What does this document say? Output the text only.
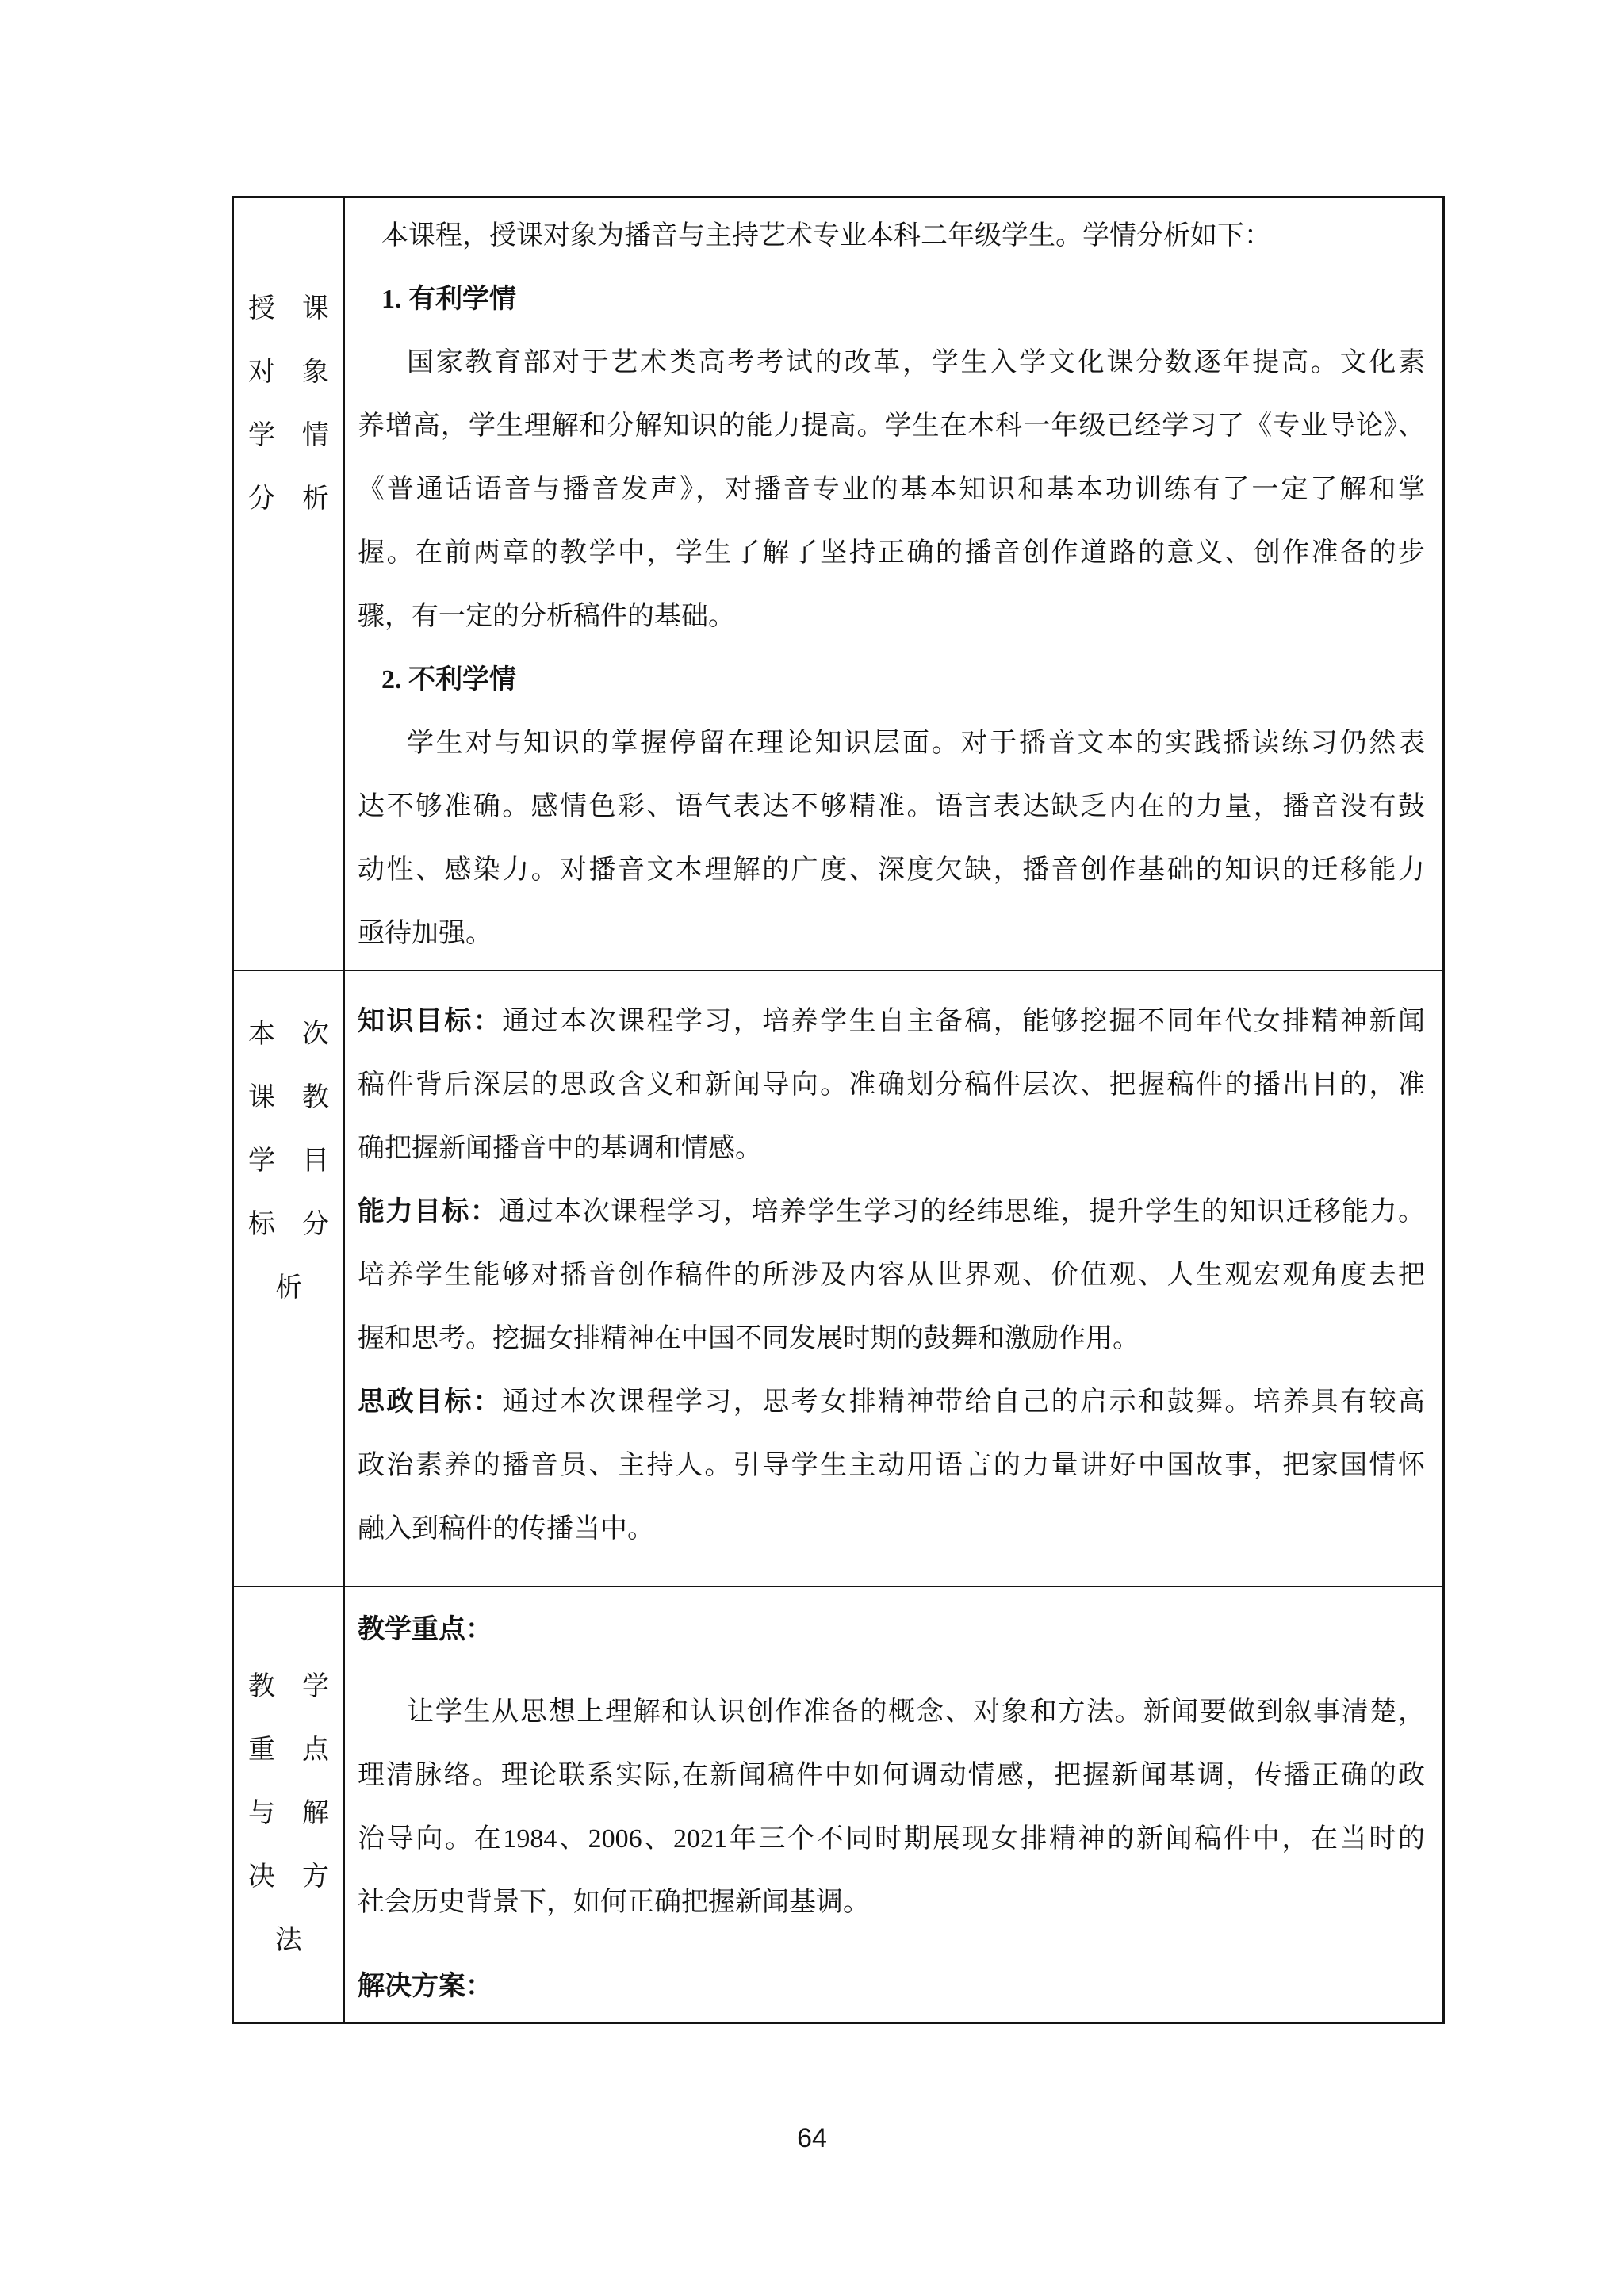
授　课
对　象
学　情
分　析
本课程，授课对象为播音与主持艺术专业本科二年级学生。学情分析如下：
1. 有利学情
国家教育部对于艺术类高考考试的改革，学生入学文化课分数逐年提高。文化素
养增高，学生理解和分解知识的能力提高。学生在本科一年级已经学习了《专业导论》、
《普通话语音与播音发声》，对播音专业的基本知识和基本功训练有了一定了解和掌
握。在前两章的教学中，学生了解了坚持正确的播音创作道路的意义、创作准备的步
骤，有一定的分析稿件的基础。
2. 不利学情
学生对与知识的掌握停留在理论知识层面。对于播音文本的实践播读练习仍然表
达不够准确。感情色彩、语气表达不够精准。语言表达缺乏内在的力量，播音没有鼓
动性、感染力。对播音文本理解的广度、深度欠缺，播音创作基础的知识的迁移能力
亟待加强。
本　次
课　教
学　目
标　分
析
知识目标：通过本次课程学习，培养学生自主备稿，能够挖掘不同年代女排精神新闻
稿件背后深层的思政含义和新闻导向。准确划分稿件层次、把握稿件的播出目的，准
确把握新闻播音中的基调和情感。
能力目标：通过本次课程学习，培养学生学习的经纬思维，提升学生的知识迁移能力。
培养学生能够对播音创作稿件的所涉及内容从世界观、价值观、人生观宏观角度去把
握和思考。挖掘女排精神在中国不同发展时期的鼓舞和激励作用。
思政目标：通过本次课程学习，思考女排精神带给自己的启示和鼓舞。培养具有较高
政治素养的播音员、主持人。引导学生主动用语言的力量讲好中国故事，把家国情怀
融入到稿件的传播当中。
教　学
重　点
与　解
决　方
法
教学重点：
让学生从思想上理解和认识创作准备的概念、对象和方法。新闻要做到叙事清楚，
理清脉络。理论联系实际,在新闻稿件中如何调动情感，把握新闻基调，传播正确的政
治导向。在1984、2006、2021年三个不同时期展现女排精神的新闻稿件中，在当时的
社会历史背景下，如何正确把握新闻基调。
解决方案：
64
